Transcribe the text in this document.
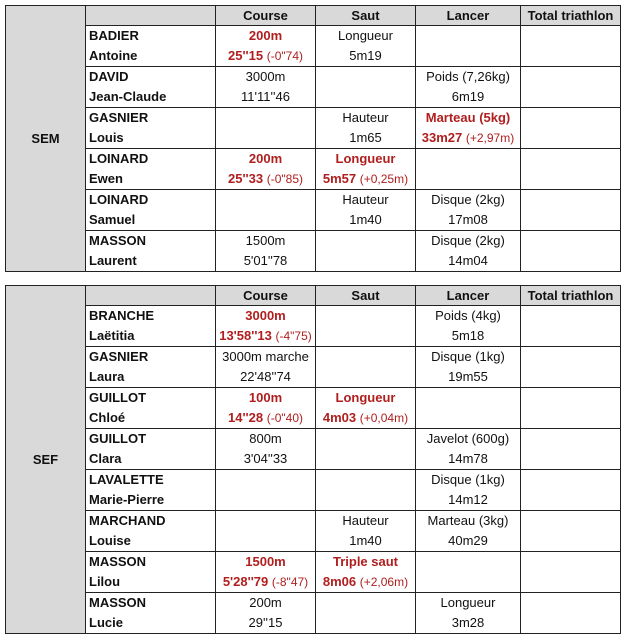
SEM		Course	Saut	Lancer	Total triathlon
	BADIER	200m	Longueur		
	Antoine	25''15 (-0"74)	5m19		
	DAVID	3000m		Poids (7,26kg)	
	Jean-Claude	11'11''46		6m19	
	GASNIER		Hauteur	Marteau (5kg)	
	Louis		1m65	33m27 (+2,97m)	
	LOINARD	200m	Longueur		
	Ewen	25''33 (-0"85)	5m57 (+0,25m)		
	LOINARD		Hauteur	Disque (2kg)	
	Samuel		1m40	17m08	
	MASSON	1500m		Disque (2kg)	
	Laurent	5'01''78		14m04	
SEF		Course	Saut	Lancer	Total triathlon
	BRANCHE	3000m		Poids (4kg)	
	Laëtitia	13'58''13 (-4"75)		5m18	
	GASNIER	3000m marche		Disque (1kg)	
	Laura	22'48''74		19m55	
	GUILLOT	100m	Longueur		
	Chloé	14''28 (-0"40)	4m03 (+0,04m)		
	GUILLOT	800m		Javelot (600g)	
	Clara	3'04''33		14m78	
	LAVALETTE			Disque (1kg)	
	Marie-Pierre			14m12	
	MARCHAND		Hauteur	Marteau (3kg)	
	Louise		1m40	40m29	
	MASSON	1500m	Triple saut		
	Lilou	5'28''79 (-8"47)	8m06 (+2,06m)		
	MASSON	200m		Longueur	
	Lucie	29''15		3m28	
